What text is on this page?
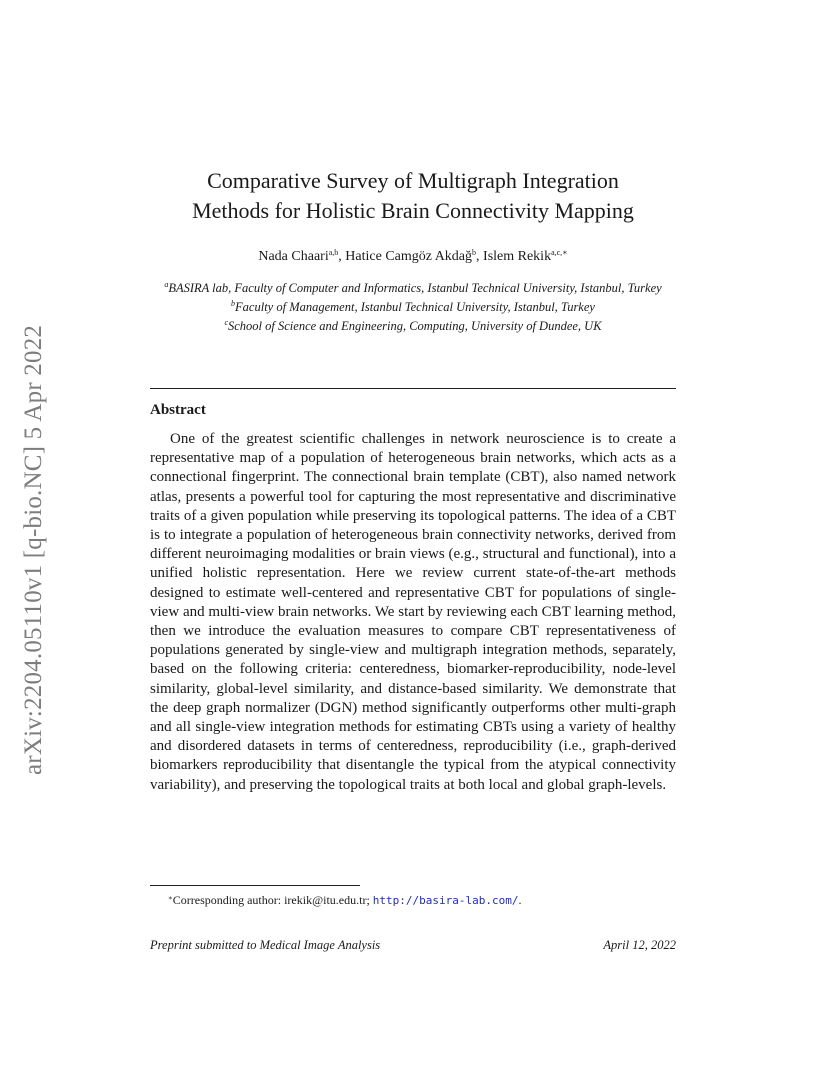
arXiv:2204.05110v1 [q-bio.NC] 5 Apr 2022
Comparative Survey of Multigraph Integration
Methods for Holistic Brain Connectivity Mapping
Nada Chaari$^{a,b}$, Hatice Camgöz Akdağ$^b$, Islem Rekik$^{a,c,∗}$
$^a$BASIRA lab, Faculty of Computer and Informatics, Istanbul Technical University, Istanbul, Turkey
$^b$Faculty of Management, Istanbul Technical University, Istanbul, Turkey
$^c$School of Science and Engineering, Computing, University of Dundee, UK
Abstract
One of the greatest scientific challenges in network neuroscience is to create a representative map of a population of heterogeneous brain networks, which acts as a connectional fingerprint. The connectional brain template (CBT), also named network atlas, presents a powerful tool for capturing the most representative and discriminative traits of a given population while preserving its topological patterns. The idea of a CBT is to integrate a population of heterogeneous brain connectivity networks, derived from different neuroimaging modalities or brain views (e.g., structural and functional), into a unified holistic representation. Here we review current state-of-the-art methods designed to estimate well-centered and representative CBT for populations of single-view and multi-view brain networks. We start by reviewing each CBT learning method, then we introduce the evaluation measures to compare CBT representativeness of populations generated by single-view and multigraph integration methods, separately, based on the following criteria: centeredness, biomarker-reproducibility, node-level similarity, global-level similarity, and distance-based similarity. We demonstrate that the deep graph normalizer (DGN) method significantly outperforms other multi-graph and all single-view integration methods for estimating CBTs using a variety of healthy and disordered datasets in terms of centeredness, reproducibility (i.e., graph-derived biomarkers reproducibility that disentangle the typical from the atypical connectivity variability), and preserving the topological traits at both local and global graph-levels.
∗Corresponding author: irekik@itu.edu.tr; http://basira-lab.com/.
Preprint submitted to Medical Image Analysis	April 12, 2022
